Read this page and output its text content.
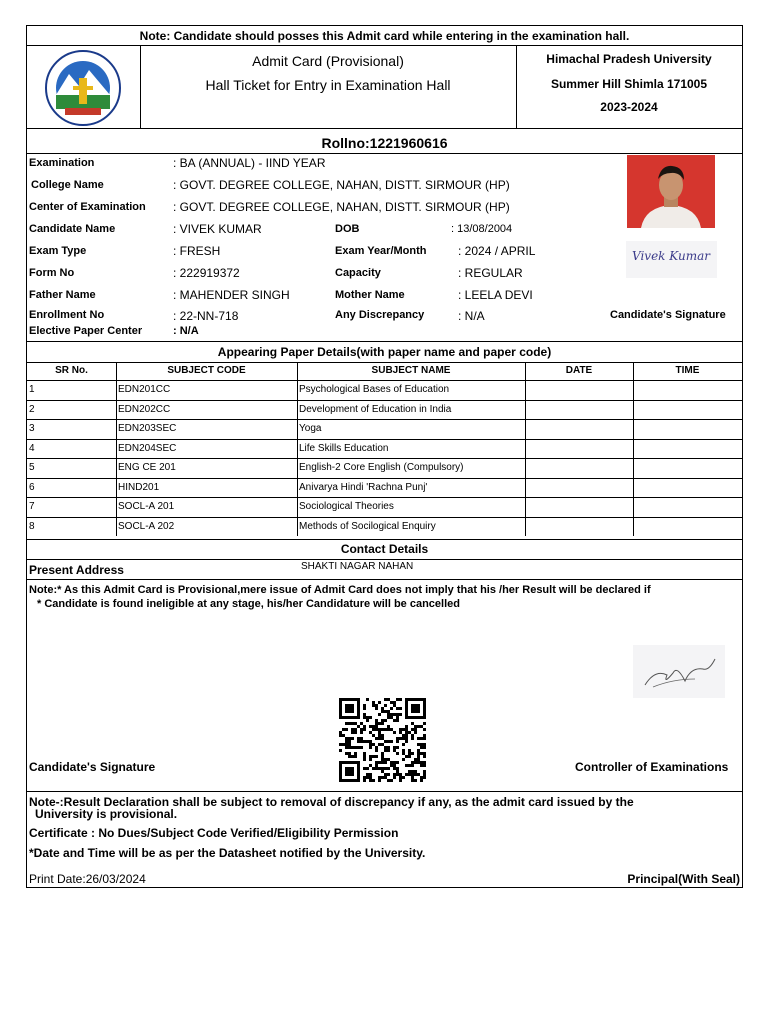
Note: Candidate should posses this Admit card while entering in the examination hall.
Admit Card (Provisional)
Hall Ticket for Entry in Examination Hall
Himachal Pradesh University
Summer Hill Shimla 171005
2023-2024
Rollno:1221960616
Examination	: BA (ANNUAL) - IIND YEAR
College Name	: GOVT. DEGREE COLLEGE, NAHAN, DISTT. SIRMOUR (HP)
Center of Examination : GOVT. DEGREE COLLEGE, NAHAN, DISTT. SIRMOUR (HP)
Candidate Name	: VIVEK KUMAR	DOB	: 13/08/2004
Exam Type	: FRESH	Exam Year/Month	: 2024 / APRIL
Form No	: 222919372	Capacity	: REGULAR
Father Name	: MAHENDER SINGH	Mother Name	: LEELA DEVI
Enrollment No	: 22-NN-718	Any Discrepancy	: N/A	Candidate's Signature
Elective Paper Center	: N/A
Vivek Kumar
Appearing Paper Details(with paper name and paper code)
SR No.	SUBJECT CODE	SUBJECT NAME	DATE	TIME
1	EDN201CC	Psychological Bases of Education
2	EDN202CC	Development of Education in India
3	EDN203SEC	Yoga
4	EDN204SEC	Life Skills Education
5	ENG CE 201	English-2 Core English (Compulsory)
6	HIND201	Anivarya Hindi 'Rachna Punj'
7	SOCL-A 201	Sociological Theories
8	SOCL-A 202	Methods of Socilogical Enquiry
Contact Details
Present Address	SHAKTI NAGAR NAHAN
Note:* As this Admit Card is Provisional,mere issue of Admit Card does not imply that his /her Result will be declared if
* Candidate is found ineligible at any stage, his/her Candidature will be cancelled
Candidate's Signature	Controller of Examinations
Note-:Result Declaration shall be subject to removal of discrepancy if any, as the admit card issued by the
University is provisional.
Certificate : No Dues/Subject Code Verified/Eligibility Permission
*Date and Time will be as per the Datasheet notified by the University.
Print Date:26/03/2024	Principal(With Seal)
